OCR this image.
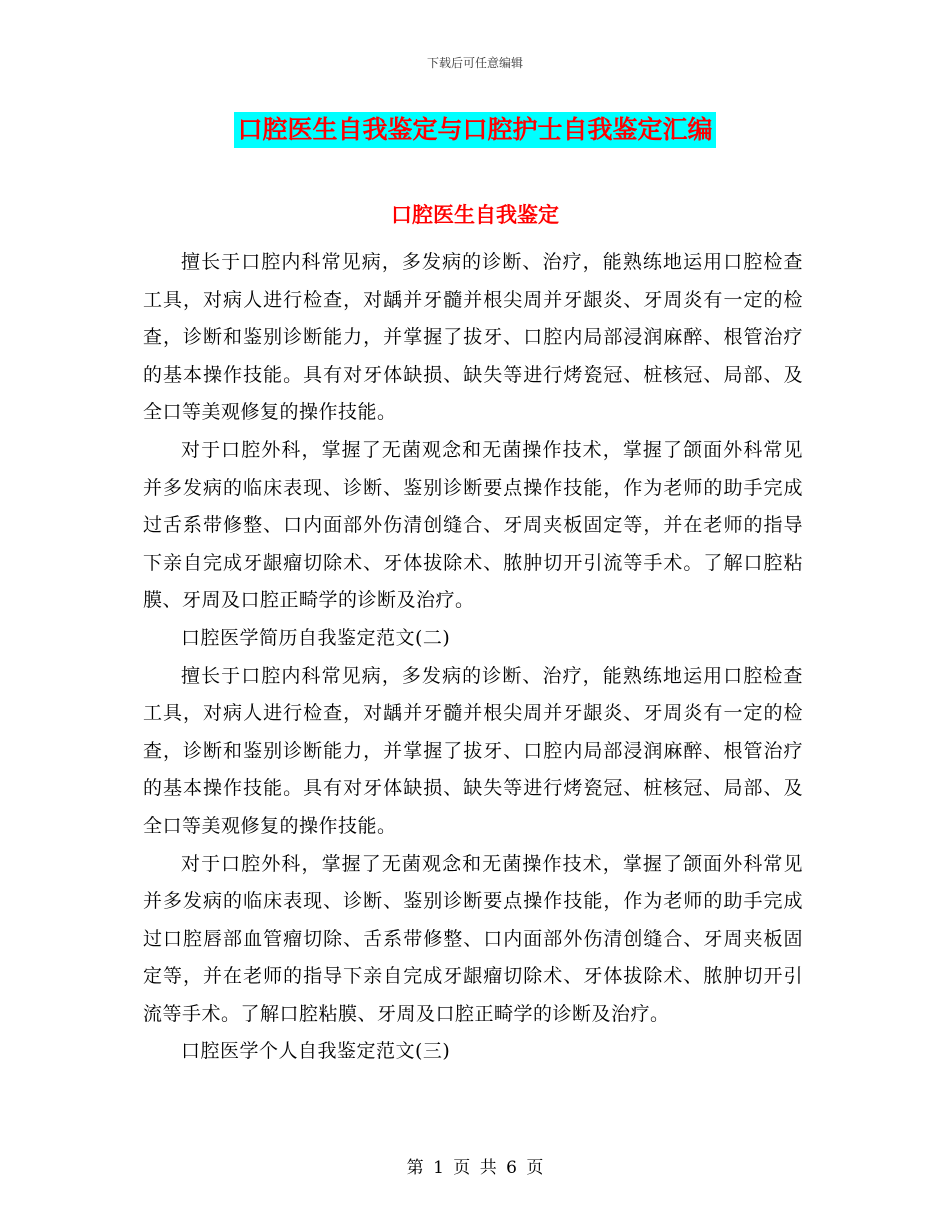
下载后可任意编辑
口腔医生自我鉴定与口腔护士自我鉴定汇编
口腔医生自我鉴定

擅长于口腔内科常见病，多发病的诊断、治疗，能熟练地运用口腔检查工具，对病人进行检查，对龋并牙髓并根尖周并牙龈炎、牙周炎有一定的检查，诊断和鉴别诊断能力，并掌握了拔牙、口腔内局部浸润麻醉、根管治疗的基本操作技能。具有对牙体缺损、缺失等进行烤瓷冠、桩核冠、局部、及全口等美观修复的操作技能。

对于口腔外科，掌握了无菌观念和无菌操作技术，掌握了颌面外科常见并多发病的临床表现、诊断、鉴别诊断要点操作技能，作为老师的助手完成过舌系带修整、口内面部外伤清创缝合、牙周夹板固定等，并在老师的指导下亲自完成牙龈瘤切除术、牙体拔除术、脓肿切开引流等手术。了解口腔粘膜、牙周及口腔正畸学的诊断及治疗。

口腔医学简历自我鉴定范文(二)

擅长于口腔内科常见病，多发病的诊断、治疗，能熟练地运用口腔检查工具，对病人进行检查，对龋并牙髓并根尖周并牙龈炎、牙周炎有一定的检查，诊断和鉴别诊断能力，并掌握了拔牙、口腔内局部浸润麻醉、根管治疗的基本操作技能。具有对牙体缺损、缺失等进行烤瓷冠、桩核冠、局部、及全口等美观修复的操作技能。

对于口腔外科，掌握了无菌观念和无菌操作技术，掌握了颌面外科常见并多发病的临床表现、诊断、鉴别诊断要点操作技能，作为老师的助手完成过口腔唇部血管瘤切除、舌系带修整、口内面部外伤清创缝合、牙周夹板固定等，并在老师的指导下亲自完成牙龈瘤切除术、牙体拔除术、脓肿切开引流等手术。了解口腔粘膜、牙周及口腔正畸学的诊断及治疗。

口腔医学个人自我鉴定范文(三)

第 1 页 共 6 页
